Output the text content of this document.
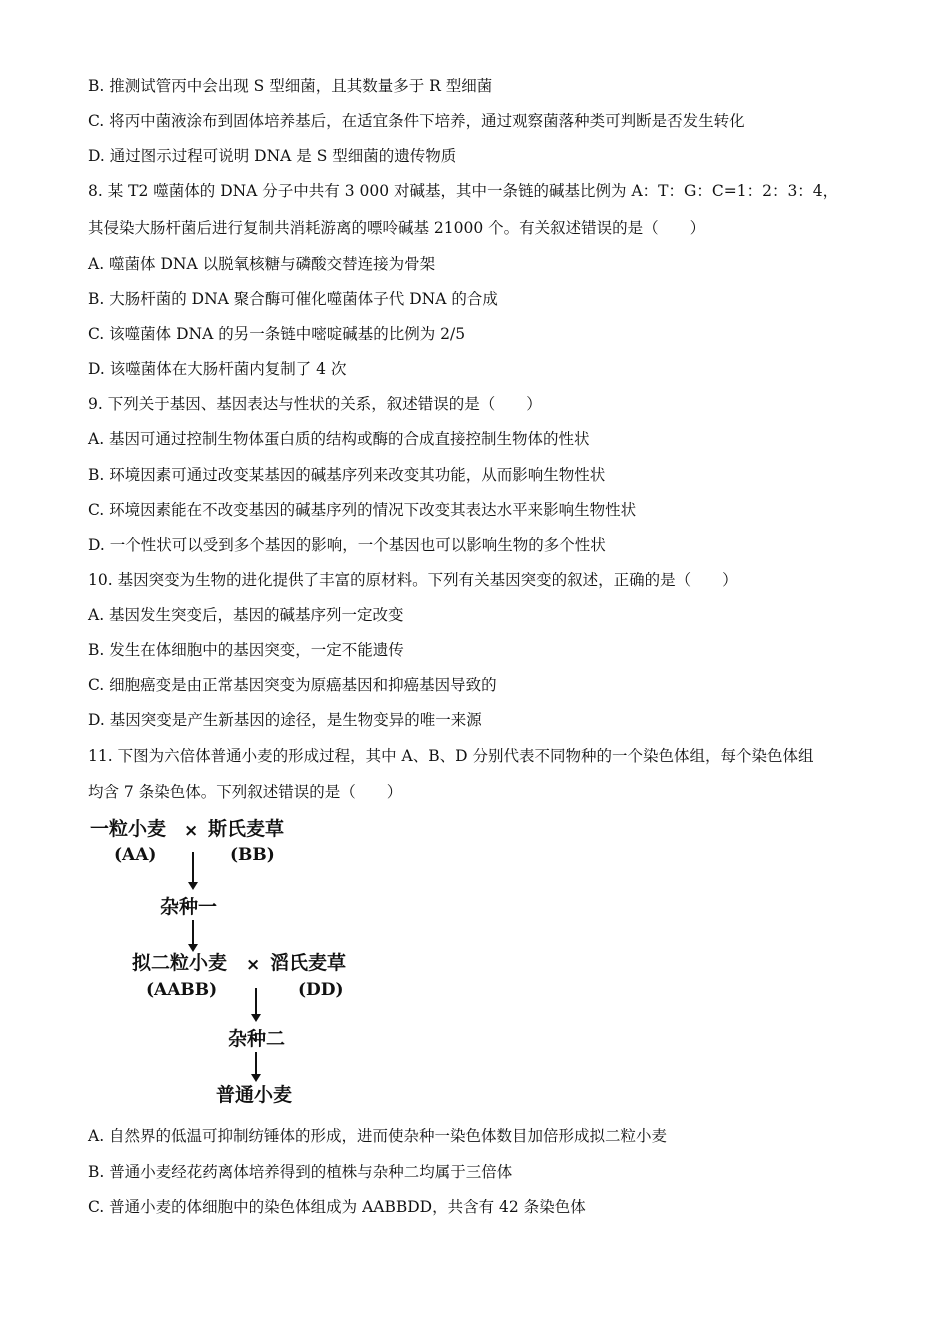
B. 推测试管丙中会出现 S 型细菌，且其数量多于 R 型细菌
C. 将丙中菌液涂布到固体培养基后，在适宜条件下培养，通过观察菌落种类可判断是否发生转化
D. 通过图示过程可说明 DNA 是 S 型细菌的遗传物质
8. 某 T2 噬菌体的 DNA 分子中共有 3 000 对碱基，其中一条链的碱基比例为 A：T：G：C=1：2：3：4，
其侵染大肠杆菌后进行复制共消耗游离的嘌呤碱基 21000 个。有关叙述错误的是（　　）
A. 噬菌体 DNA 以脱氧核糖与磷酸交替连接为骨架
B. 大肠杆菌的 DNA 聚合酶可催化噬菌体子代 DNA 的合成
C. 该噬菌体 DNA 的另一条链中嘧啶碱基的比例为 2/5
D. 该噬菌体在大肠杆菌内复制了 4 次
9. 下列关于基因、基因表达与性状的关系，叙述错误的是（　　）
A. 基因可通过控制生物体蛋白质的结构或酶的合成直接控制生物体的性状
B. 环境因素可通过改变某基因的碱基序列来改变其功能，从而影响生物性状
C. 环境因素能在不改变基因的碱基序列的情况下改变其表达水平来影响生物性状
D. 一个性状可以受到多个基因的影响，一个基因也可以影响生物的多个性状
10. 基因突变为生物的进化提供了丰富的原材料。下列有关基因突变的叙述，正确的是（　　）
A. 基因发生突变后，基因的碱基序列一定改变
B. 发生在体细胞中的基因突变，一定不能遗传
C. 细胞癌变是由正常基因突变为原癌基因和抑癌基因导致的
D. 基因突变是产生新基因的途径，是生物变异的唯一来源
11. 下图为六倍体普通小麦的形成过程，其中 A、B、D 分别代表不同物种的一个染色体组，每个染色体组
均含 7 条染色体。下列叙述错误的是（　　）
一粒小麦 × 斯氏麦草
(AA)	(BB)
杂种一
拟二粒小麦 × 滔氏麦草
(AABB)	(DD)
杂种二
普通小麦
A. 自然界的低温可抑制纺锤体的形成，进而使杂种一染色体数目加倍形成拟二粒小麦
B. 普通小麦经花药离体培养得到的植株与杂种二均属于三倍体
C. 普通小麦的体细胞中的染色体组成为 AABBDD，共含有 42 条染色体
